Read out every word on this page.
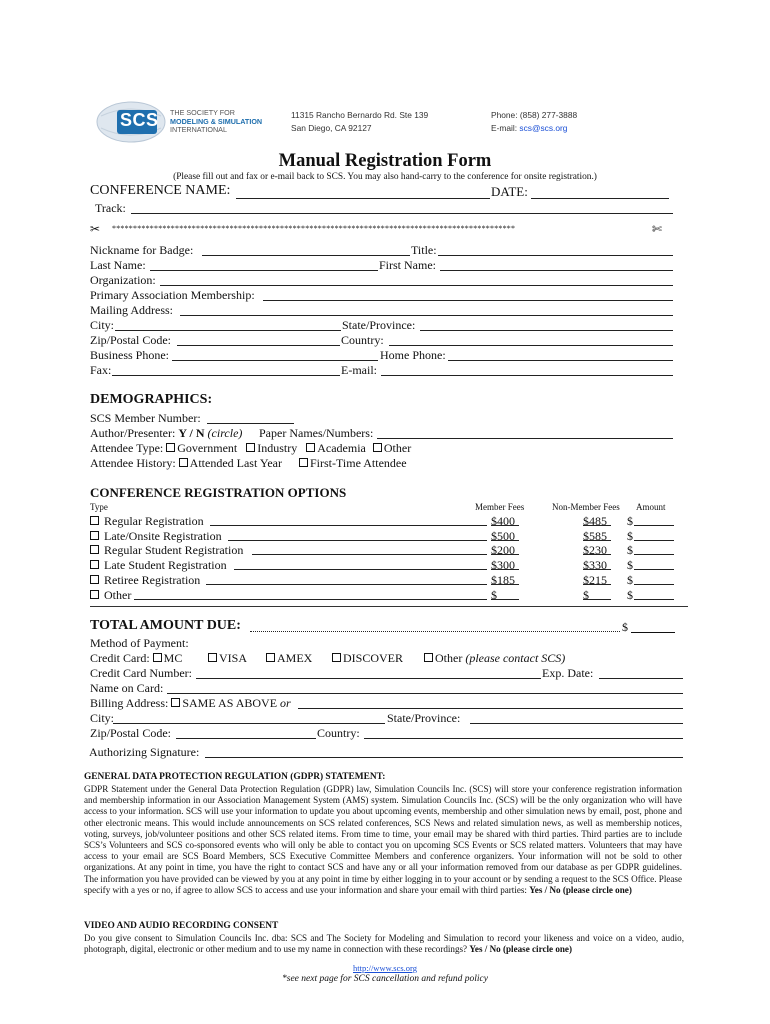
SCS THE SOCIETY FOR
MODELING & SIMULATION
INTERNATIONAL
11315 Rancho Bernardo Rd. Ste 139
San Diego, CA 92127
Phone: (858) 277-3888
E-mail: scs@scs.org
Manual Registration Form
(Please fill out and fax or e-mail back to SCS. You may also hand-carry to the conference for onsite registration.)
CONFERENCE NAME:	DATE:
Track:
✂ ************************************************************************************************	✄
Nickname for Badge:	Title:
Last Name:	First Name:
Organization:
Primary Association Membership:
Mailing Address:
City:	State/Province:
Zip/Postal Code:	Country:
Business Phone:	Home Phone:
Fax:	E-mail:
DEMOGRAPHICS:
SCS Member Number:
Author/Presenter: Y / N (circle) Paper Names/Numbers:
Attendee Type: Government Industry Academia Other
Attendee History: Attended Last Year First-Time Attendee
CONFERENCE REGISTRATION OPTIONS
Type	Member Fees	Non-Member Fees Amount
Regular Registration	$400	$485 $
Late/Onsite Registration	$500	$585 $
Regular Student Registration	$200	$230 $
Late Student Registration	$300	$330 $
Retiree Registration	$185	$215 $
Other	$	$	$
TOTAL AMOUNT DUE:	$
Method of Payment:
Credit Card: MC	VISA	AMEX	DISCOVER	Other (please contact SCS)
Credit Card Number:	Exp. Date:
Name on Card:
Billing Address: SAME AS ABOVE or
City:	State/Province:
Zip/Postal Code:	Country:
Authorizing Signature:
GENERAL DATA PROTECTION REGULATION (GDPR) STATEMENT:
GDPR Statement under the General Data Protection Regulation (GDPR) law, Simulation Councils Inc. (SCS) will store your conference registration information and membership information in our Association Management System (AMS) system. Simulation Councils Inc. (SCS) will be the only organization who will have access to your information. SCS will use your information to update you about upcoming events, membership and other simulation news by email, post, phone and other electronic means. This would include announcements on SCS related conferences, SCS News and related simulation news, as well as membership notices, voting, surveys, job/volunteer positions and other SCS related items. From time to time, your email may be shared with third parties. Third parties are to include SCS’s Volunteers and SCS co-sponsored events who will only be able to contact you on upcoming SCS Events or SCS related matters. Volunteers that may have access to your email are SCS Board Members, SCS Executive Committee Members and conference organizers. Your information will not be sold to other organizations. At any point in time, you have the right to contact SCS and have any or all your information removed from our database as per GDPR guidelines. The information you have provided can be viewed by you at any point in time by either logging in to your account or by sending a request to the SCS Office. Please specify with a yes or no, if agree to allow SCS to access and use your information and share your email with third parties: Yes / No (please circle one)
VIDEO AND AUDIO RECORDING CONSENT
Do you give consent to Simulation Councils Inc. dba: SCS and The Society for Modeling and Simulation to record your likeness and voice on a video, audio, photograph, digital, electronic or other medium and to use my name in connection with these recordings? Yes / No (please circle one)
http://www.scs.org
*see next page for SCS cancellation and refund policy
